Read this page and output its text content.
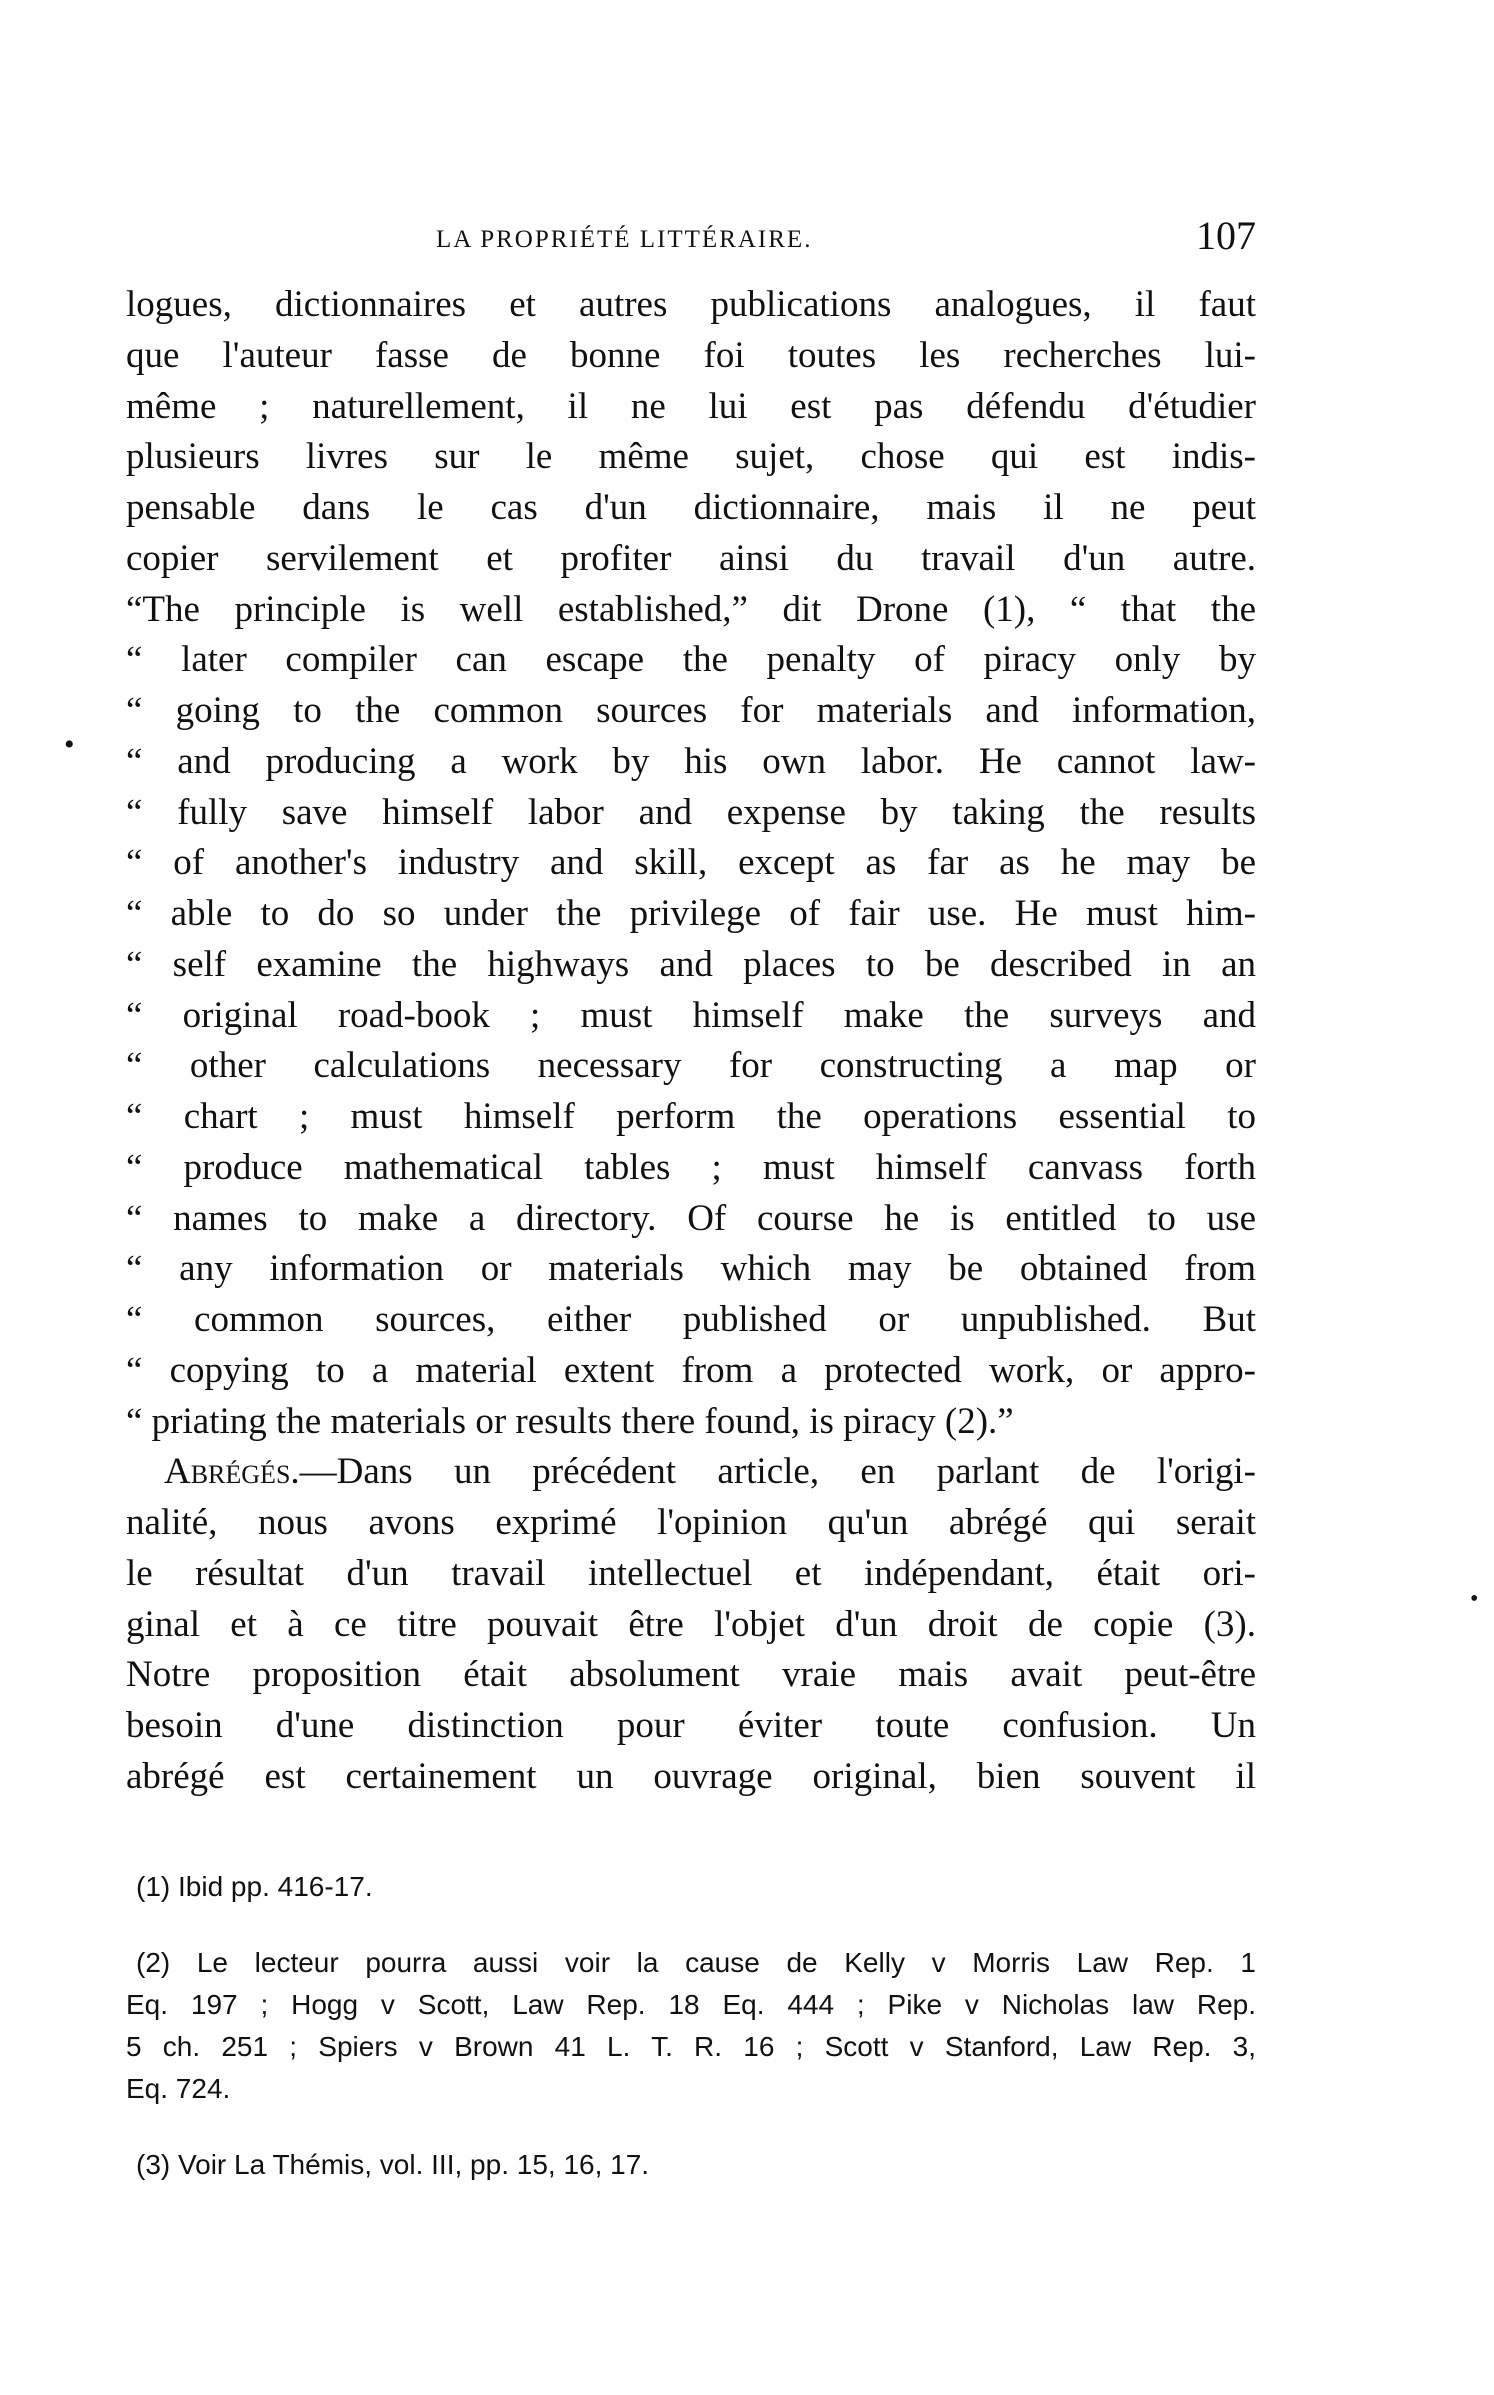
LA PROPRIÉTÉ LITTÉRAIRE.	107
•
•
logues, dictionnaires et autres publications analogues, il faut
que l'auteur fasse de bonne foi toutes les recherches lui-
même ; naturellement, il ne lui est pas défendu d'étudier
plusieurs livres sur le même sujet, chose qui est indis-
pensable dans le cas d'un dictionnaire, mais il ne peut
copier servilement et profiter ainsi du travail d'un autre.
“The principle is well established,” dit Drone (1), “ that the
“ later compiler can escape the penalty of piracy only by
“ going to the common sources for materials and information,
“ and producing a work by his own labor. He cannot law-
“ fully save himself labor and expense by taking the results
“ of another's industry and skill, except as far as he may be
“ able to do so under the privilege of fair use. He must him-
“ self examine the highways and places to be described in an
“ original road-book ; must himself make the surveys and
“ other calculations necessary for constructing a map or
“ chart ; must himself perform the operations essential to
“ produce mathematical tables ; must himself canvass forth
“ names to make a directory. Of course he is entitled to use
“ any information or materials which may be obtained from
“ common sources, either published or unpublished. But
“ copying to a material extent from a protected work, or appro-
“ priating the materials or results there found, is piracy (2).”
Abrégés.—Dans un précédent article, en parlant de l'origi-
nalité, nous avons exprimé l'opinion qu'un abrégé qui serait
le résultat d'un travail intellectuel et indépendant, était ori-
ginal et à ce titre pouvait être l'objet d'un droit de copie (3).
Notre proposition était absolument vraie mais avait peut-être
besoin d'une distinction pour éviter toute confusion. Un
abrégé est certainement un ouvrage original, bien souvent il
(1) Ibid pp. 416-17.
(2) Le lecteur pourra aussi voir la cause de Kelly v Morris Law Rep. 1
Eq. 197 ; Hogg v Scott, Law Rep. 18 Eq. 444 ; Pike v Nicholas law Rep.
5 ch. 251 ; Spiers v Brown 41 L. T. R. 16 ; Scott v Stanford, Law Rep. 3,
Eq. 724.
(3) Voir La Thémis, vol. III, pp. 15, 16, 17.
